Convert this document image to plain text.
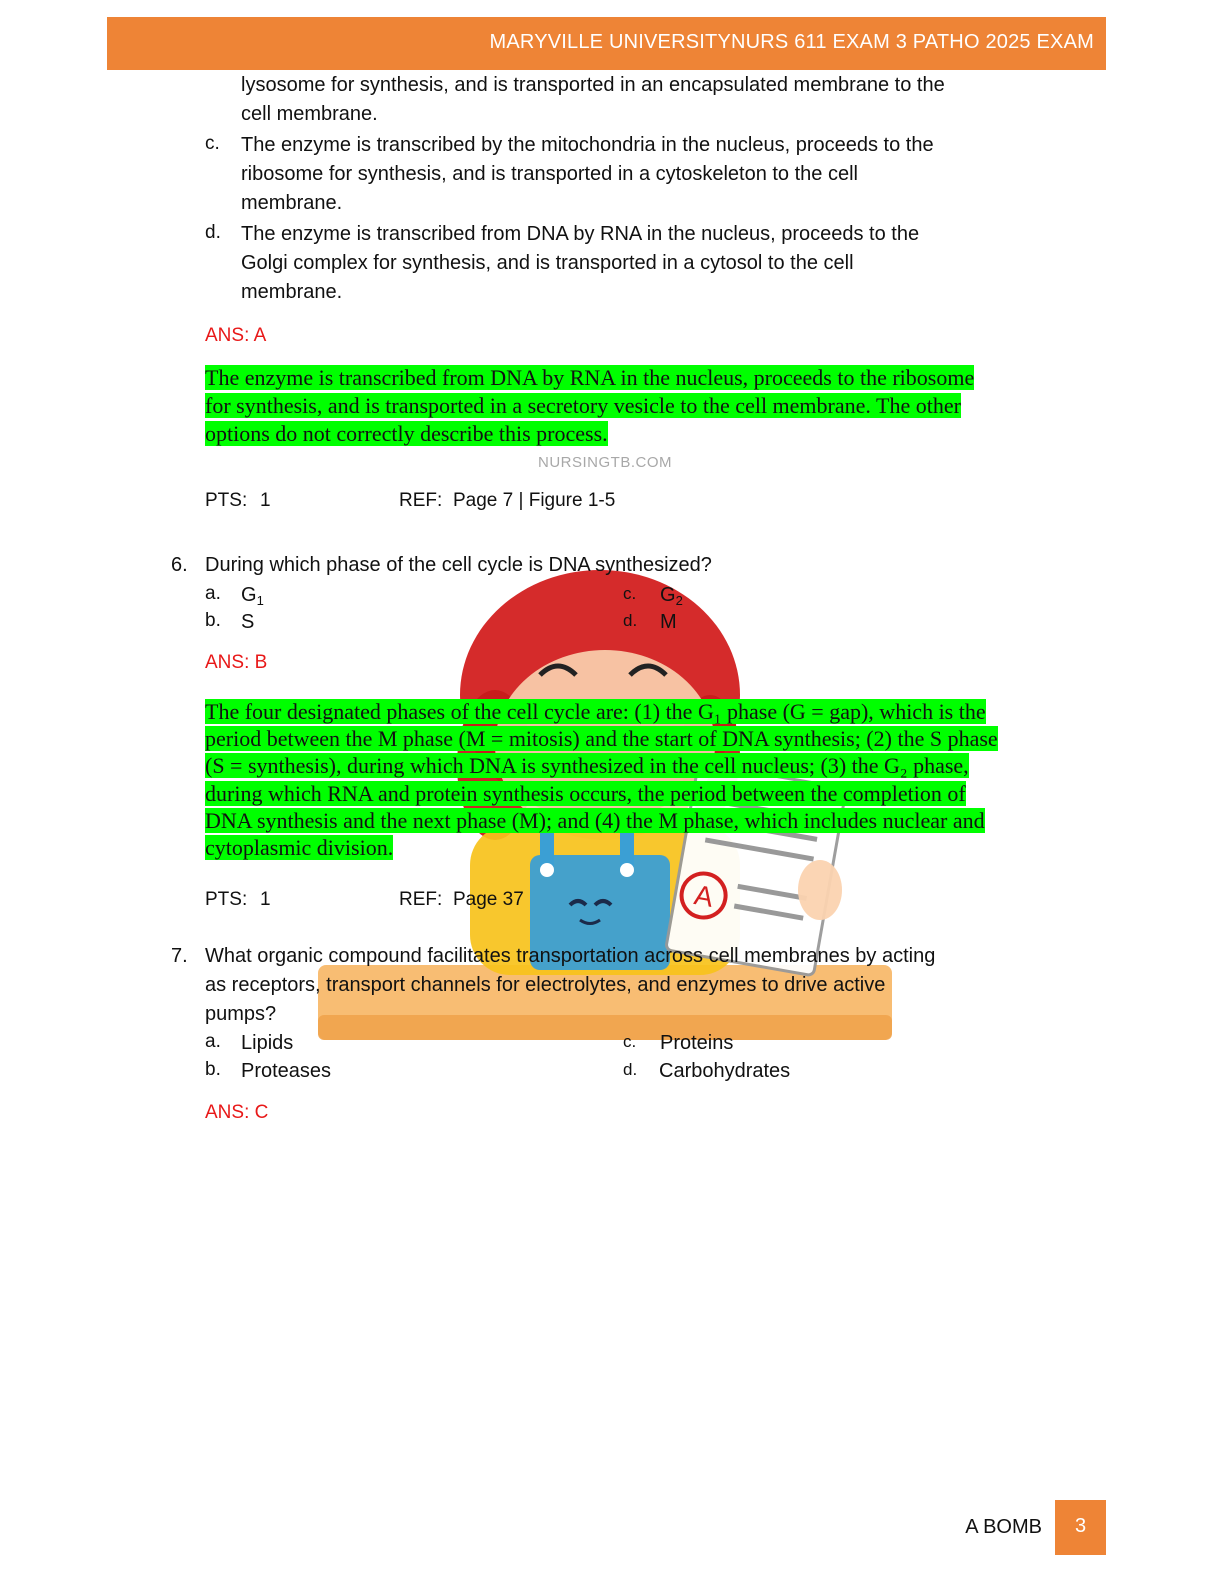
MARYVILLE UNIVERSITYNURS 611 EXAM 3 PATHO 2025 EXAM
A
lysosome for synthesis, and is transported in an encapsulated membrane to the
cell membrane.
c. The enzyme is transcribed by the mitochondria in the nucleus, proceeds to the
ribosome for synthesis, and is transported in a cytoskeleton to the cell
membrane.
d. The enzyme is transcribed from DNA by RNA in the nucleus, proceeds to the
Golgi complex for synthesis, and is transported in a cytosol to the cell
membrane.
ANS: A
The enzyme is transcribed from DNA by RNA in the nucleus, proceeds to the ribosome
for synthesis, and is transported in a secretory vesicle to the cell membrane. The other
options do not correctly describe this process.
NURSINGTB.COM
PTS: 1	REF: Page 7 | Figure 1-5
6. During which phase of the cell cycle is DNA synthesized?
a. $G_1$
b. S
c. $G_2$
d. M
ANS: B
The four designated phases of the cell cycle are: (1) the G₁ phase (G = gap), which is the
period between the M phase (M = mitosis) and the start of DNA synthesis; (2) the S phase
(S = synthesis), during which DNA is synthesized in the cell nucleus; (3) the G₂ phase,
during which RNA and protein synthesis occurs, the period between the completion of
DNA synthesis and the next phase (M); and (4) the M phase, which includes nuclear and
cytoplasmic division.
PTS: 1	REF: Page 37
7. What organic compound facilitates transportation across cell membranes by acting
as receptors, transport channels for electrolytes, and enzymes to drive active
pumps?
a. Lipids
b. Proteases
c. Proteins
d. Carbohydrates
ANS: C
A BOMB	3
